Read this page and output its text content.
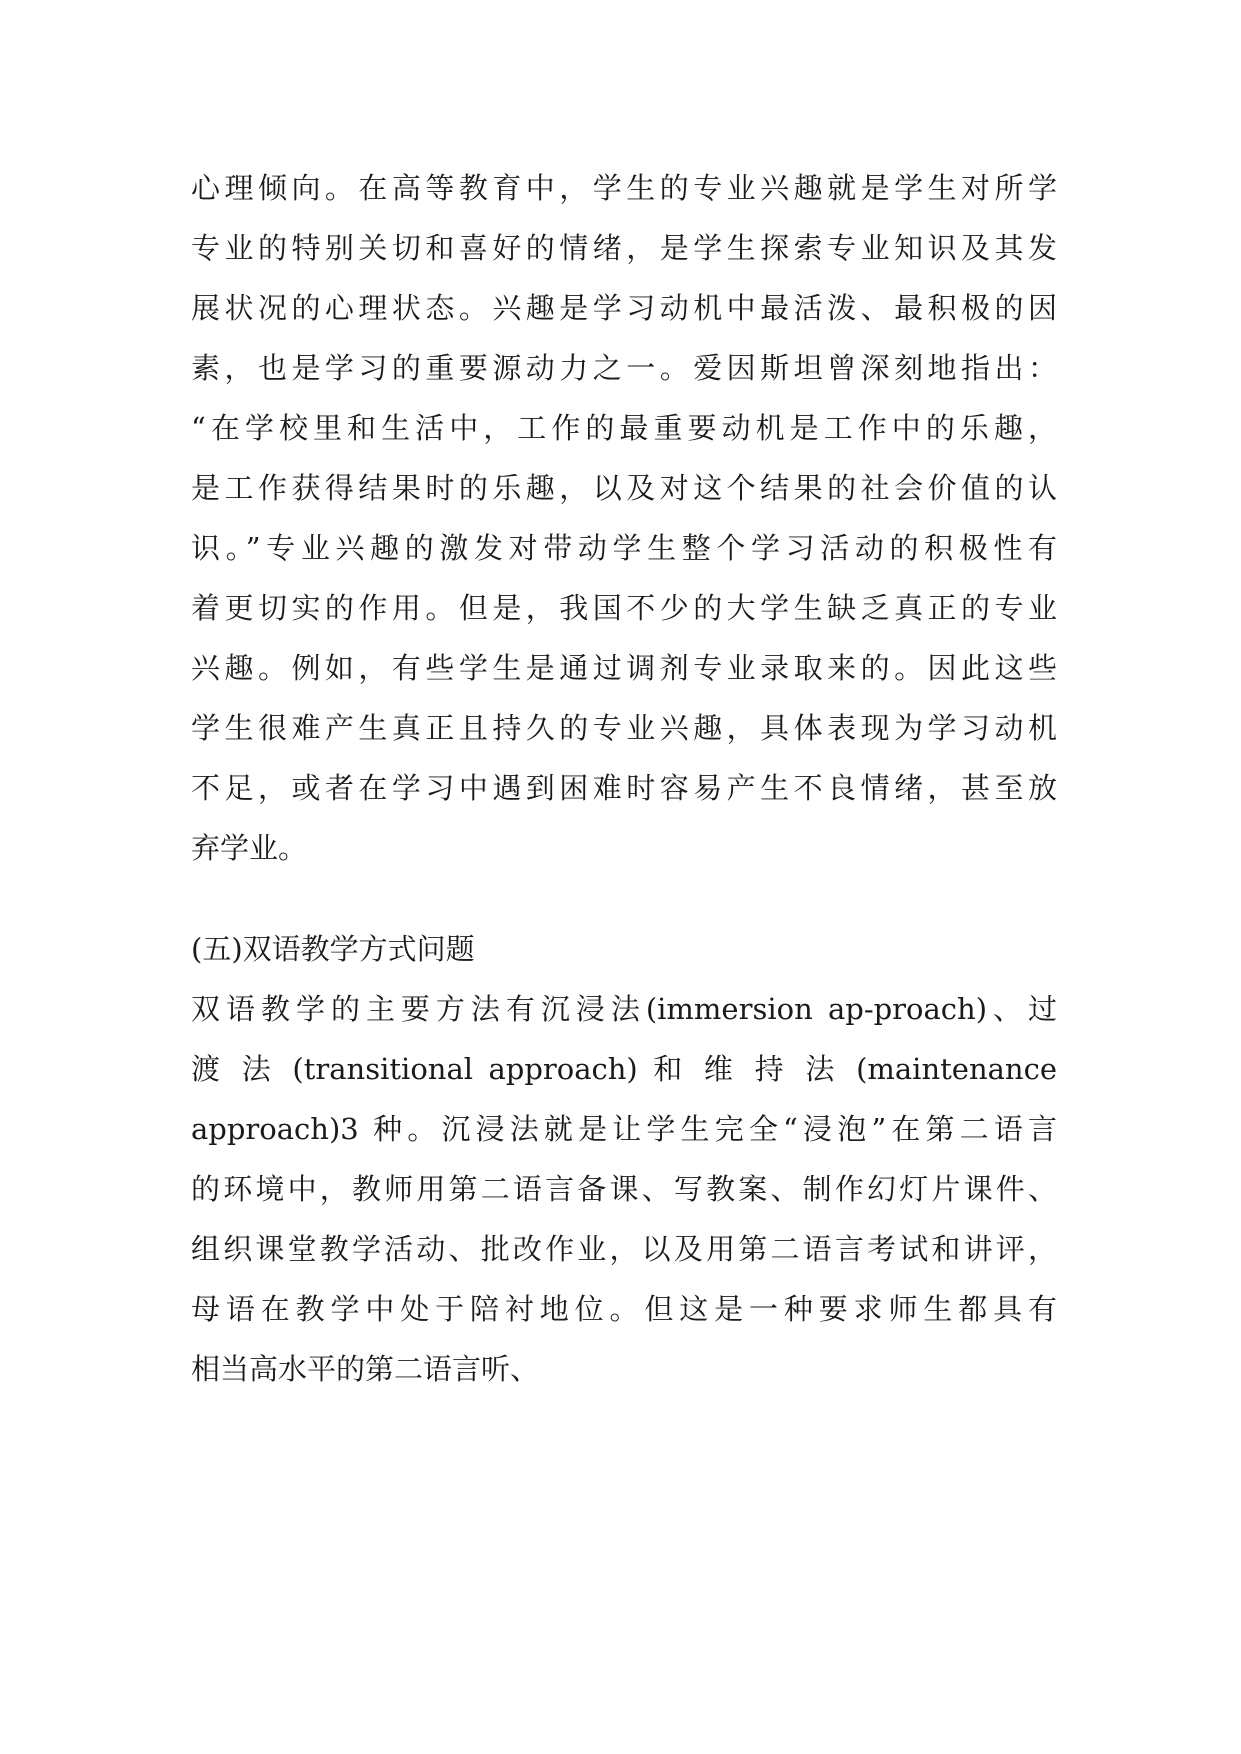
心理倾向。在高等教育中，学生的专业兴趣就是学生对所学
专业的特别关切和喜好的情绪，是学生探索专业知识及其发
展状况的心理状态。兴趣是学习动机中最活泼、最积极的因
素，也是学习的重要源动力之一。爱因斯坦曾深刻地指出：
“在学校里和生活中，工作的最重要动机是工作中的乐趣，
是工作获得结果时的乐趣，以及对这个结果的社会价值的认
识。”专业兴趣的激发对带动学生整个学习活动的积极性有
着更切实的作用。但是，我国不少的大学生缺乏真正的专业
兴趣。例如，有些学生是通过调剂专业录取来的。因此这些
学生很难产生真正且持久的专业兴趣，具体表现为学习动机
不足，或者在学习中遇到困难时容易产生不良情绪，甚至放
弃学业。
(五)双语教学方式问题
双语教学的主要方法有沉浸法(immersion ap-proach)、过
渡 法 (transitional approach) 和 维 持 法 (maintenance
approach)3 种。沉浸法就是让学生完全“浸泡”在第二语言
的环境中，教师用第二语言备课、写教案、制作幻灯片课件、
组织课堂教学活动、批改作业，以及用第二语言考试和讲评，
母语在教学中处于陪衬地位。但这是一种要求师生都具有
相当高水平的第二语言听、
